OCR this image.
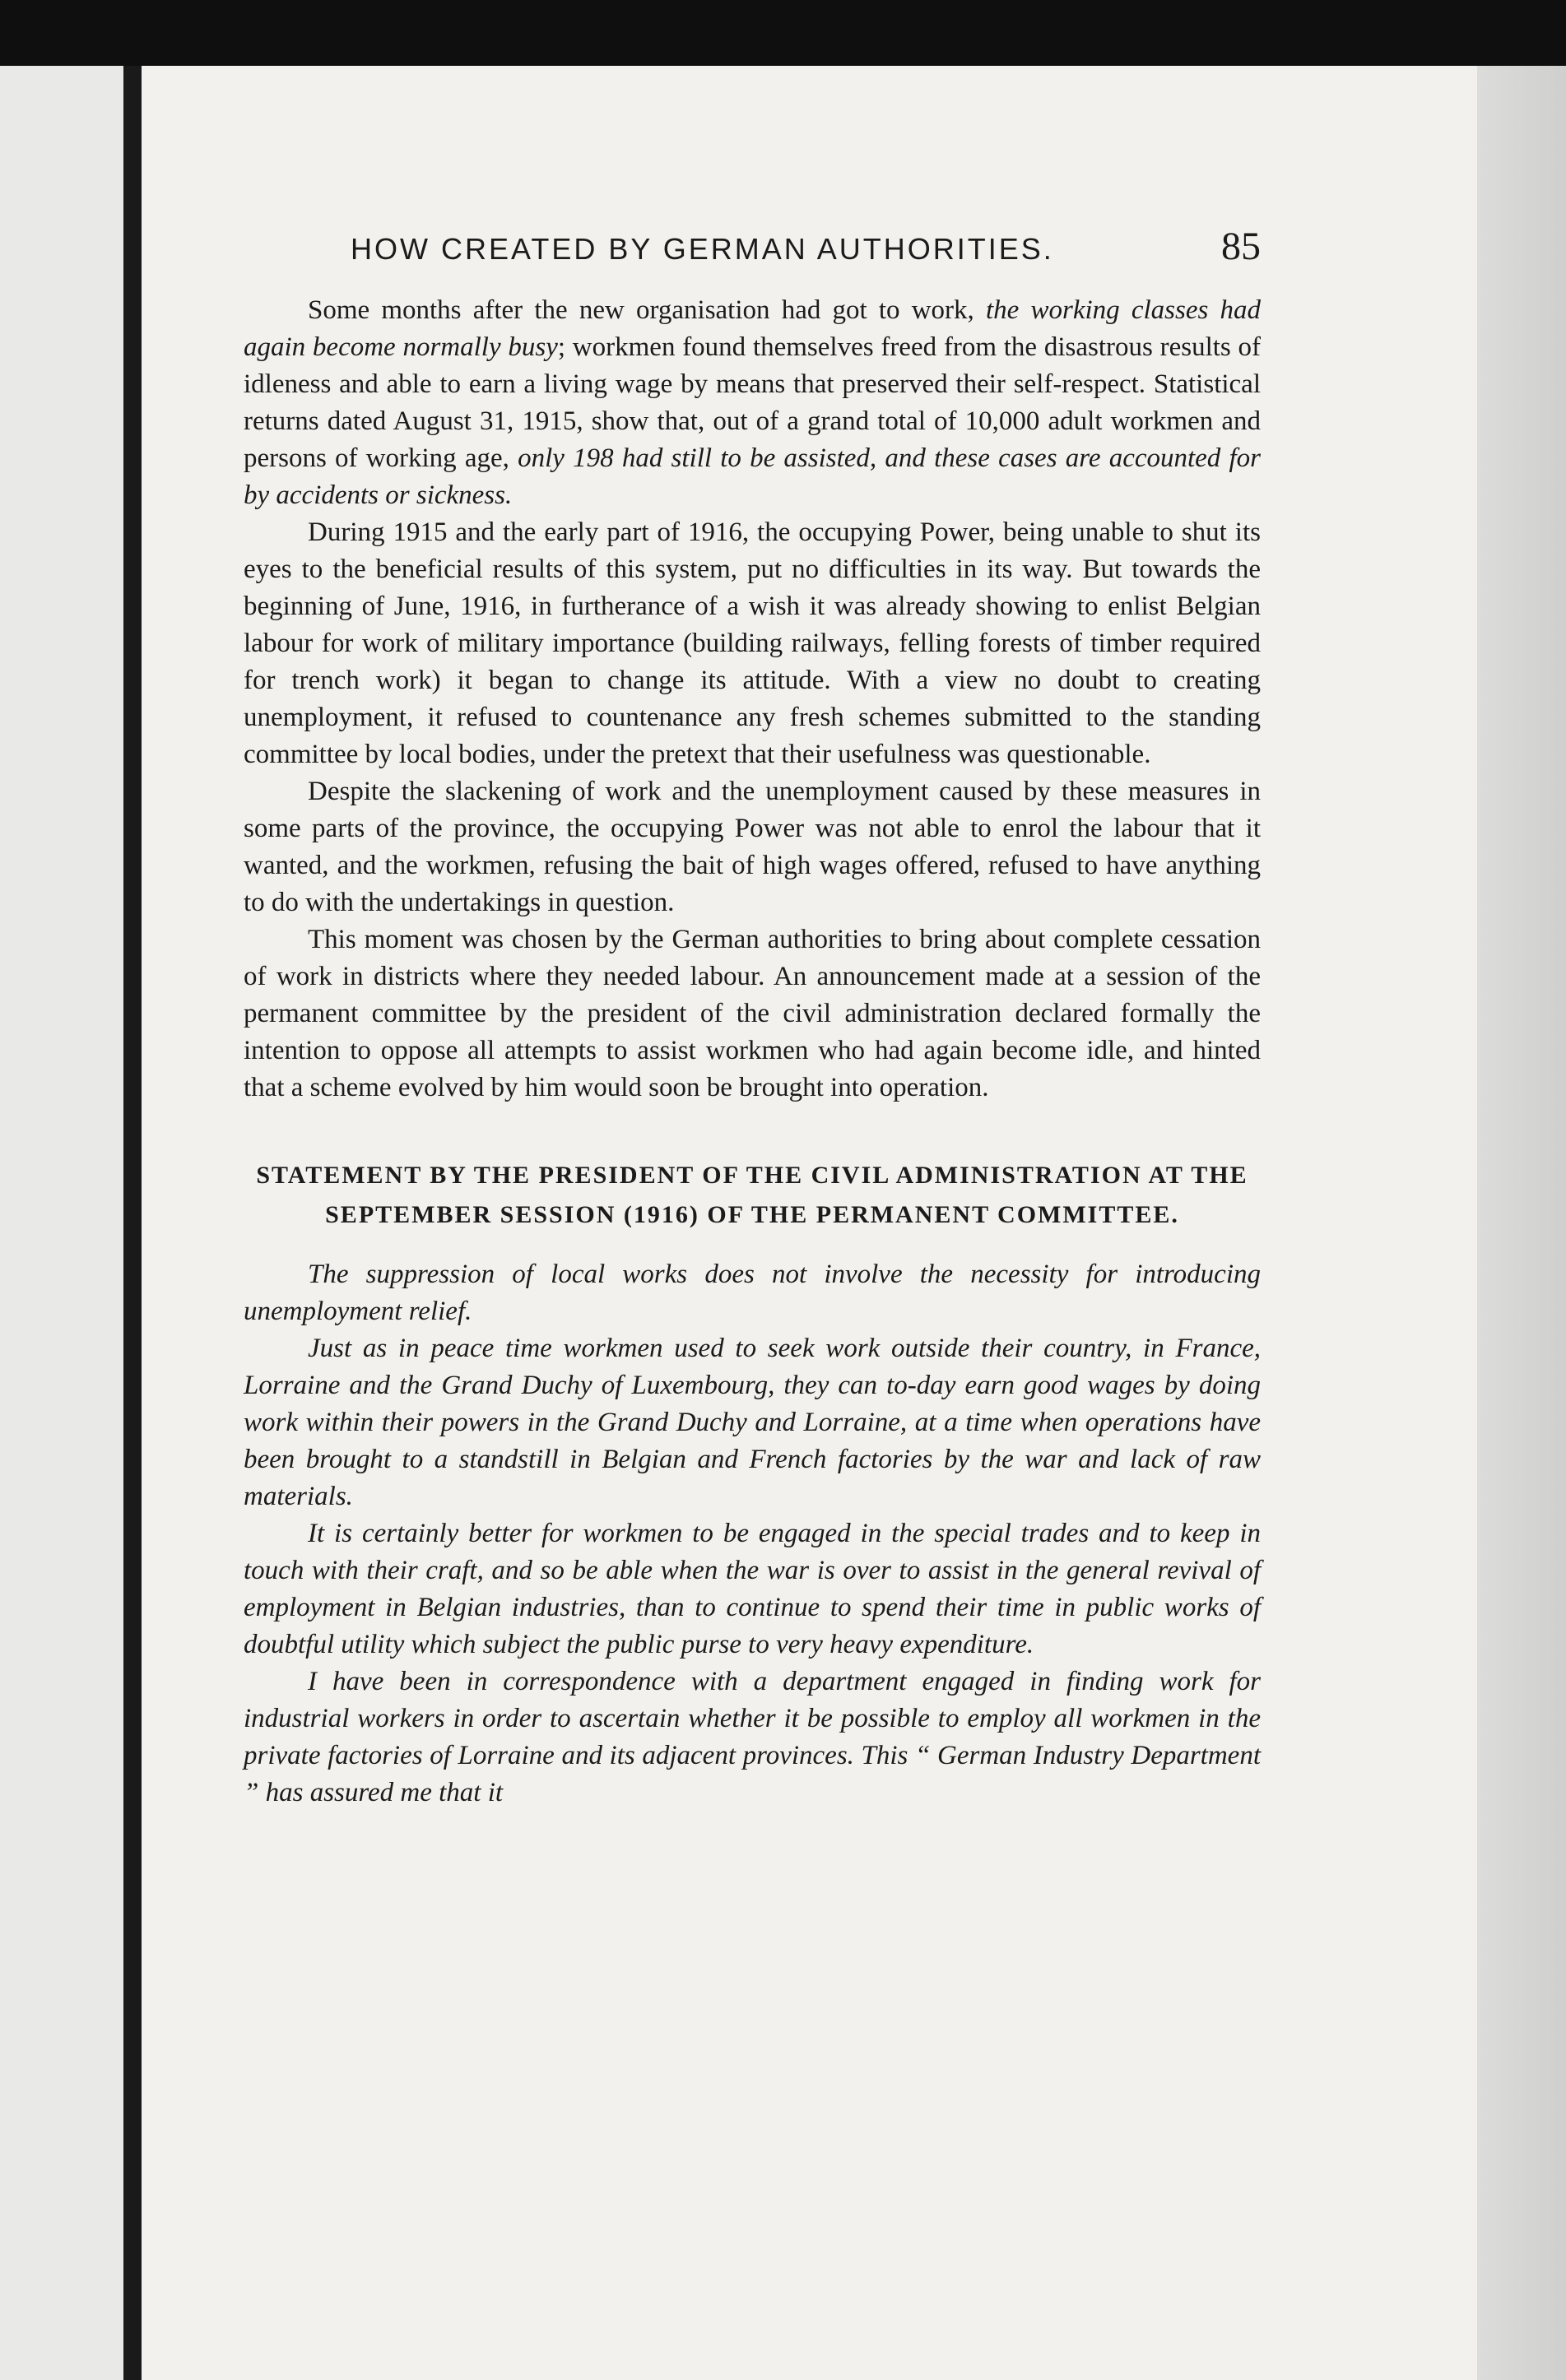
HOW CREATED BY GERMAN AUTHORITIES.	85

Some months after the new organisation had got to work, the working classes had again become normally busy; workmen found themselves freed from the disastrous results of idleness and able to earn a living wage by means that preserved their self-respect. Statistical returns dated August 31, 1915, show that, out of a grand total of 10,000 adult workmen and persons of working age, only 198 had still to be assisted, and these cases are accounted for by accidents or sickness.

During 1915 and the early part of 1916, the occupying Power, being unable to shut its eyes to the beneficial results of this system, put no difficulties in its way. But towards the beginning of June, 1916, in furtherance of a wish it was already showing to enlist Belgian labour for work of military importance (building railways, felling forests of timber required for trench work) it began to change its attitude. With a view no doubt to creating unemployment, it refused to countenance any fresh schemes submitted to the standing committee by local bodies, under the pretext that their usefulness was questionable.

Despite the slackening of work and the unemployment caused by these measures in some parts of the province, the occupying Power was not able to enrol the labour that it wanted, and the workmen, refusing the bait of high wages offered, refused to have anything to do with the undertakings in question.

This moment was chosen by the German authorities to bring about complete cessation of work in districts where they needed labour. An announcement made at a session of the permanent committee by the president of the civil administration declared formally the intention to oppose all attempts to assist workmen who had again become idle, and hinted that a scheme evolved by him would soon be brought into operation.

STATEMENT BY THE PRESIDENT OF THE CIVIL ADMINISTRATION AT THE SEPTEMBER SESSION (1916) OF THE PERMANENT COMMITTEE.

The suppression of local works does not involve the necessity for introducing unemployment relief.

Just as in peace time workmen used to seek work outside their country, in France, Lorraine and the Grand Duchy of Luxembourg, they can to-day earn good wages by doing work within their powers in the Grand Duchy and Lorraine, at a time when operations have been brought to a standstill in Belgian and French factories by the war and lack of raw materials.

It is certainly better for workmen to be engaged in the special trades and to keep in touch with their craft, and so be able when the war is over to assist in the general revival of employment in Belgian industries, than to continue to spend their time in public works of doubtful utility which subject the public purse to very heavy expenditure.

I have been in correspondence with a department engaged in finding work for industrial workers in order to ascertain whether it be possible to employ all workmen in the private factories of Lorraine and its adjacent provinces. This “ German Industry Department ” has assured me that it
